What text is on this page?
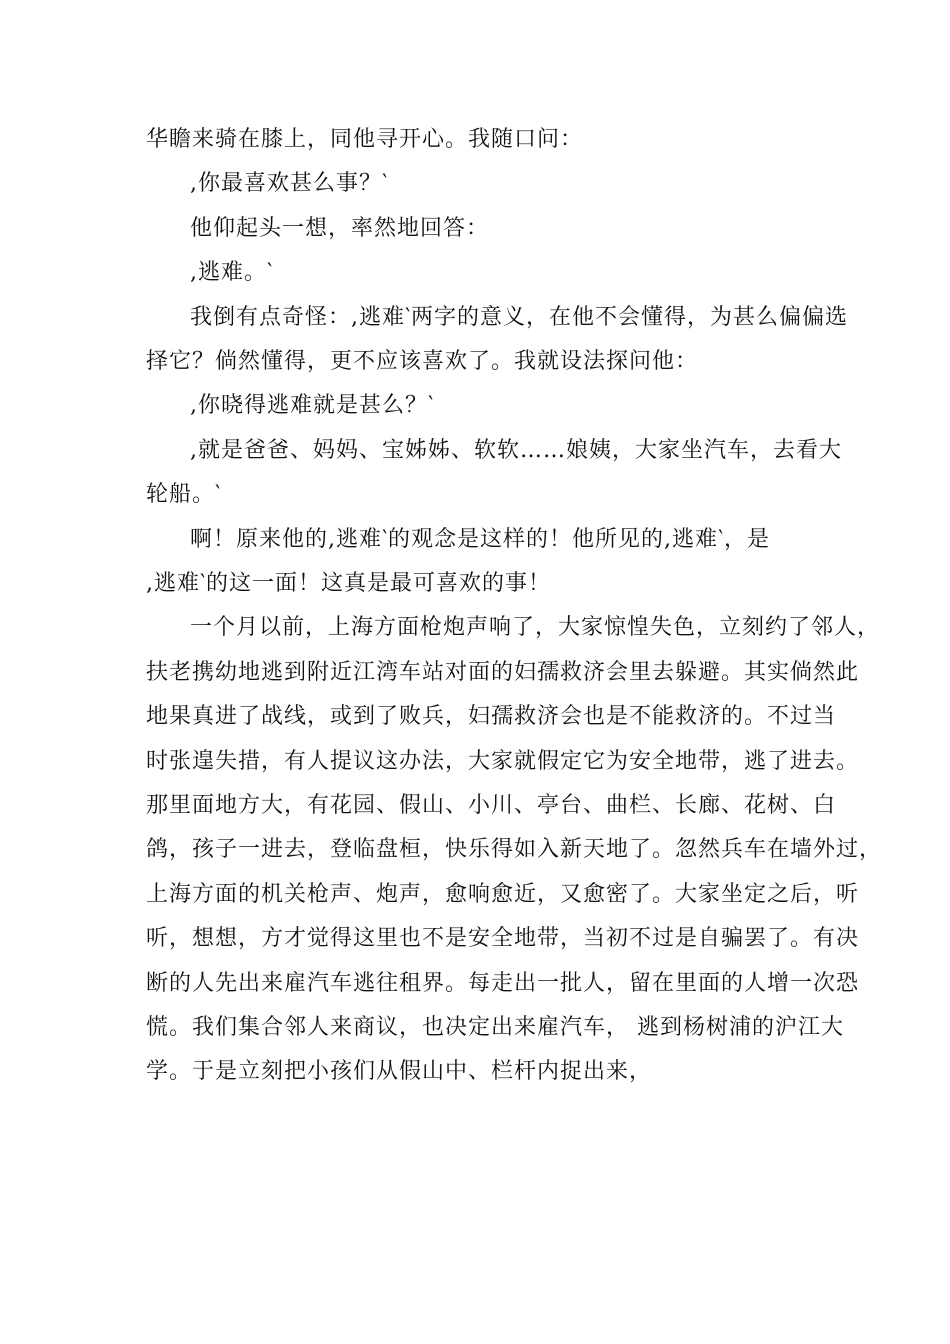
华瞻来骑在膝上，同他寻开心。我随口问：
,你最喜欢甚么事？‵
他仰起头一想，率然地回答：
,逃难。‵
我倒有点奇怪：,逃难‵两字的意义，在他不会懂得，为甚么偏偏选
择它？倘然懂得，更不应该喜欢了。我就设法探问他：
,你晓得逃难就是甚么？‵
,就是爸爸、妈妈、宝姊姊、软软……娘姨，大家坐汽车，去看大
轮船。‵
啊！原来他的,逃难‵的观念是这样的！他所见的,逃难‵，是
,逃难‵的这一面！这真是最可喜欢的事！
一个月以前，上海方面枪炮声响了，大家惊惶失色，立刻约了邻人，
扶老携幼地逃到附近江湾车站对面的妇孺救济会里去躲避。其实倘然此
地果真进了战线，或到了败兵，妇孺救济会也是不能救济的。不过当
时张遑失措，有人提议这办法，大家就假定它为安全地带，逃了进去。
那里面地方大，有花园、假山、小川、亭台、曲栏、长廊、花树、白
鸽，孩子一进去，登临盘桓，快乐得如入新天地了。忽然兵车在墙外过，
上海方面的机关枪声、炮声，愈响愈近，又愈密了。大家坐定之后，听
听，想想，方才觉得这里也不是安全地带，当初不过是自骗罢了。有决
断的人先出来雇汽车逃往租界。每走出一批人，留在里面的人增一次恐
慌。我们集合邻人来商议，也决定出来雇汽车， 逃到杨树浦的沪江大
学。于是立刻把小孩们从假山中、栏杆内捉出来，
